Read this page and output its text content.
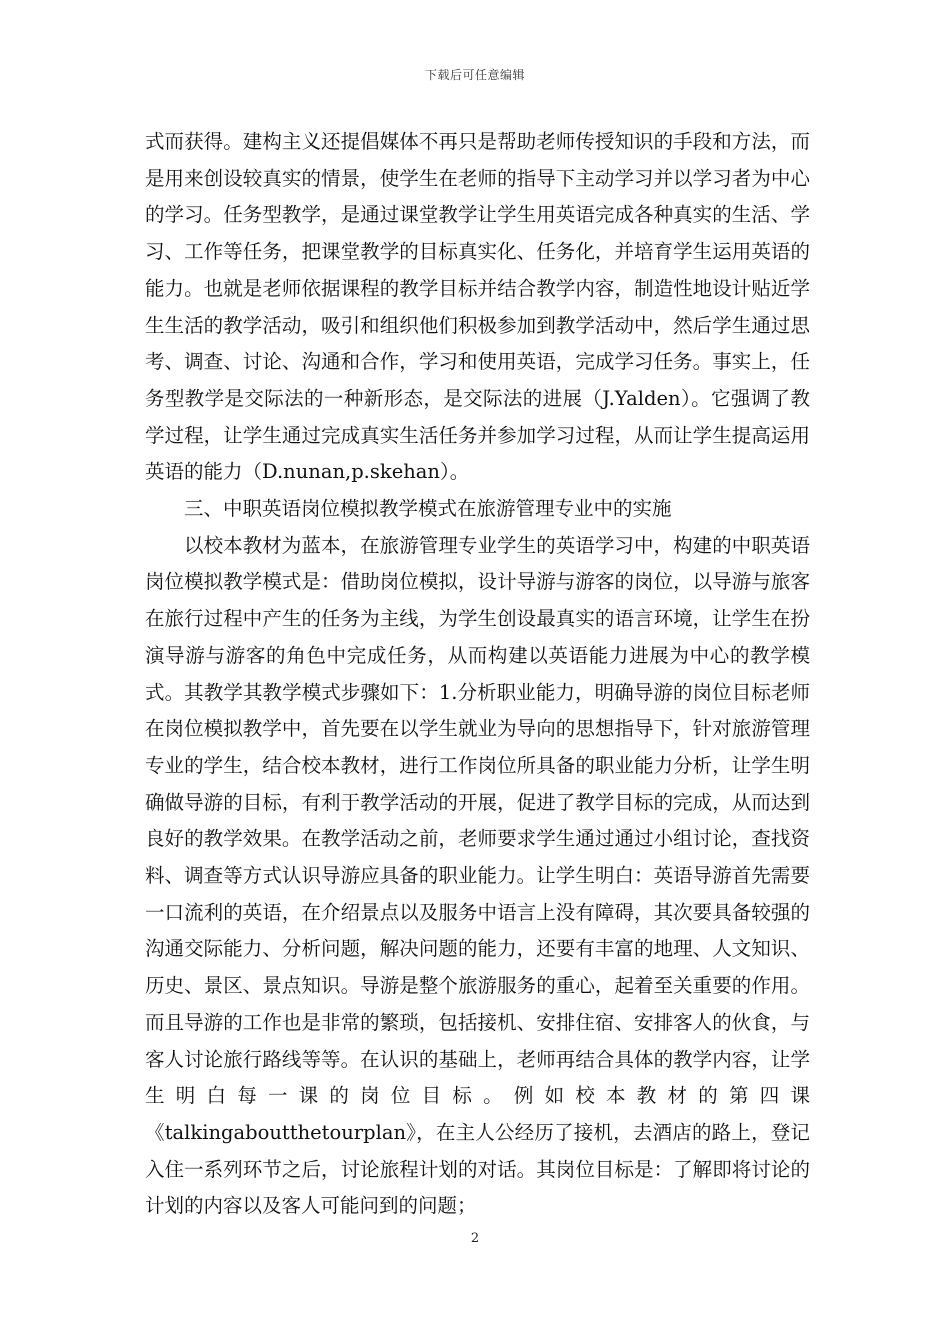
下载后可任意编辑

式而获得。建构主义还提倡媒体不再只是帮助老师传授知识的手段和方法，而是用来创设较真实的情景，使学生在老师的指导下主动学习并以学习者为中心的学习。任务型教学，是通过课堂教学让学生用英语完成各种真实的生活、学习、工作等任务，把课堂教学的目标真实化、任务化，并培育学生运用英语的能力。也就是老师依据课程的教学目标并结合教学内容，制造性地设计贴近学生生活的教学活动，吸引和组织他们积极参加到教学活动中，然后学生通过思考、调查、讨论、沟通和合作，学习和使用英语，完成学习任务。事实上，任务型教学是交际法的一种新形态，是交际法的进展（J.Yalden）。它强调了教学过程，让学生通过完成真实生活任务并参加学习过程，从而让学生提高运用英语的能力（D.nunan,p.skehan）。

三、中职英语岗位模拟教学模式在旅游管理专业中的实施

以校本教材为蓝本，在旅游管理专业学生的英语学习中，构建的中职英语岗位模拟教学模式是：借助岗位模拟，设计导游与游客的岗位，以导游与旅客在旅行过程中产生的任务为主线，为学生创设最真实的语言环境，让学生在扮演导游与游客的角色中完成任务，从而构建以英语能力进展为中心的教学模式。其教学其教学模式步骤如下：1.分析职业能力，明确导游的岗位目标老师在岗位模拟教学中，首先要在以学生就业为导向的思想指导下，针对旅游管理专业的学生，结合校本教材，进行工作岗位所具备的职业能力分析，让学生明确做导游的目标，有利于教学活动的开展，促进了教学目标的完成，从而达到良好的教学效果。在教学活动之前，老师要求学生通过通过小组讨论，查找资料、调查等方式认识导游应具备的职业能力。让学生明白：英语导游首先需要一口流利的英语，在介绍景点以及服务中语言上没有障碍，其次要具备较强的沟通交际能力、分析问题，解决问题的能力，还要有丰富的地理、人文知识、历史、景区、景点知识。导游是整个旅游服务的重心，起着至关重要的作用。而且导游的工作也是非常的繁琐，包括接机、安排住宿、安排客人的伙食，与客人讨论旅行路线等等。在认识的基础上，老师再结合具体的教学内容，让学生明白每一课的岗位目标。例如校本教材的第四课《talkingaboutthetourplan》，在主人公经历了接机，去酒店的路上，登记入住一系列环节之后，讨论旅程计划的对话。其岗位目标是：了解即将讨论的计划的内容以及客人可能问到的问题；

2
